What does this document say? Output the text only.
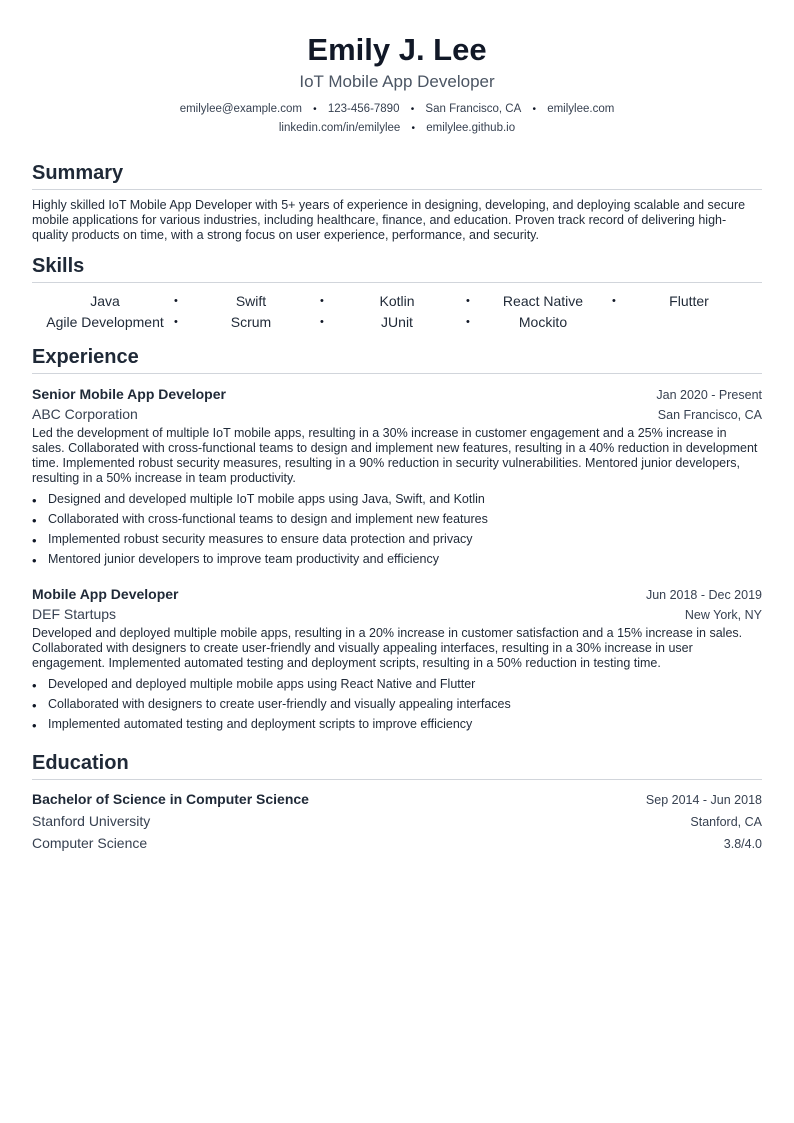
Emily J. Lee
IoT Mobile App Developer
emilylee@example.com • 123-456-7890 • San Francisco, CA • emilylee.com
linkedin.com/in/emilylee • emilylee.github.io
Summary
Highly skilled IoT Mobile App Developer with 5+ years of experience in designing, developing, and deploying scalable and secure mobile applications for various industries, including healthcare, finance, and education. Proven track record of delivering high-quality products on time, with a strong focus on user experience, performance, and security.
Skills
Java	•	Swift	•	Kotlin	•	React Native	•	Flutter
Agile Development •	Scrum	•	JUnit	•	Mockito
Experience
Senior Mobile App Developer	Jan 2020 - Present
ABC Corporation	San Francisco, CA
Led the development of multiple IoT mobile apps, resulting in a 30% increase in customer engagement and a 25% increase in sales. Collaborated with cross-functional teams to design and implement new features, resulting in a 40% reduction in development time. Implemented robust security measures, resulting in a 90% reduction in security vulnerabilities. Mentored junior developers, resulting in a 50% increase in team productivity.
• Designed and developed multiple IoT mobile apps using Java, Swift, and Kotlin
• Collaborated with cross-functional teams to design and implement new features
• Implemented robust security measures to ensure data protection and privacy
• Mentored junior developers to improve team productivity and efficiency
Mobile App Developer	Jun 2018 - Dec 2019
DEF Startups	New York, NY
Developed and deployed multiple mobile apps, resulting in a 20% increase in customer satisfaction and a 15% increase in sales. Collaborated with designers to create user-friendly and visually appealing interfaces, resulting in a 30% increase in user engagement. Implemented automated testing and deployment scripts, resulting in a 50% reduction in testing time.
• Developed and deployed multiple mobile apps using React Native and Flutter
• Collaborated with designers to create user-friendly and visually appealing interfaces
• Implemented automated testing and deployment scripts to improve efficiency
Education
Bachelor of Science in Computer Science	Sep 2014 - Jun 2018
Stanford University	Stanford, CA
Computer Science	3.8/4.0
